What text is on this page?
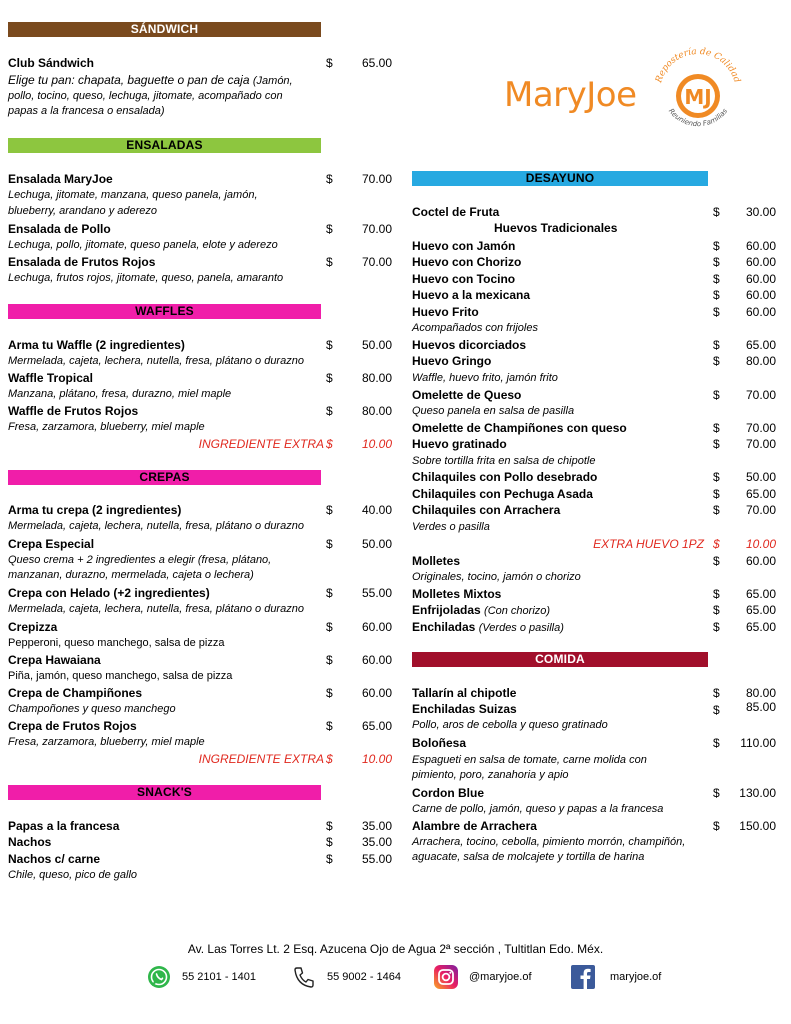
SÁNDWICH
Club Sándwich	$ 65.00
Elige tu pan: chapata, baguette o pan de caja (Jamón,
pollo, tocino, queso, lechuga, jitomate, acompañado con
papas a la francesa o ensalada)
ENSALADAS
Ensalada MaryJoe	$ 70.00
Lechuga, jitomate, manzana, queso panela, jamón,
blueberry, arandano y aderezo
Ensalada de Pollo	$ 70.00
Lechuga, pollo, jitomate, queso panela, elote y aderezo
Ensalada de Frutos Rojos	$ 70.00
Lechuga, frutos rojos, jitomate, queso, panela, amaranto
WAFFLES
Arma tu Waffle (2 ingredientes)	$ 50.00
Mermelada, cajeta, lechera, nutella, fresa, plátano o durazno
Waffle Tropical	$ 80.00
Manzana, plátano, fresa, durazno, miel maple
Waffle de Frutos Rojos	$ 80.00
Fresa, zarzamora, blueberry, miel maple
INGREDIENTE EXTRA $ 10.00
CREPAS
Arma tu crepa (2 ingredientes)	$ 40.00
Mermelada, cajeta, lechera, nutella, fresa, plátano o durazno
Crepa Especial	$ 50.00
Queso crema + 2 ingredientes a elegir (fresa, plátano,
manzanan, durazno, mermelada, cajeta o lechera)
Crepa con Helado (+2 ingredientes)	$ 55.00
Mermelada, cajeta, lechera, nutella, fresa, plátano o durazno
Crepizza	$ 60.00
Pepperoni, queso manchego, salsa de pizza
Crepa Hawaiana	$ 60.00
Piña, jamón, queso manchego, salsa de pizza
Crepa de Champiñones	$ 60.00
Champoñones y queso manchego
Crepa de Frutos Rojos	$ 65.00
Fresa, zarzamora, blueberry, miel maple
INGREDIENTE EXTRA $ 10.00
SNACK'S
Papas a la francesa	$ 35.00
Nachos	$ 35.00
Nachos c/ carne	$ 55.00
Chile, queso, pico de gallo
MaryJoe Repostería de Calidad
MJ
Reuniendo Familias
DESAYUNO
Coctel de Fruta	$ 30.00
Huevos Tradicionales
Huevo con Jamón	$ 60.00
Huevo con Chorizo	$ 60.00
Huevo con Tocino	$ 60.00
Huevo a la mexicana	$ 60.00
Huevo Frito	$ 60.00
Acompañados con frijoles
Huevos dicorciados	$ 65.00
Huevo Gringo	$ 80.00
Waffle, huevo frito, jamón frito
Omelette de Queso	$ 70.00
Queso panela en salsa de pasilla
Omelette de Champiñones con queso	$ 70.00
Huevo gratinado	$ 70.00
Sobre tortilla frita en salsa de chipotle
Chilaquiles con Pollo desebrado	$ 50.00
Chilaquiles con Pechuga Asada	$ 65.00
Chilaquiles con Arrachera	$ 70.00
Verdes o pasilla
EXTRA HUEVO 1PZ $ 10.00
Molletes	$ 60.00
Originales, tocino, jamón o chorizo
Molletes Mixtos	$ 65.00
Enfrijoladas (Con chorizo)	$ 65.00
Enchiladas (Verdes o pasilla)	$ 65.00
COMIDA
Tallarín al chipotle	$ 80.00
Enchiladas Suizas	$ 85.00
Pollo, aros de cebolla y queso gratinado
Boloñesa	$ 110.00
Espagueti en salsa de tomate, carne molida con
pimiento, poro, zanahoria y apio
Cordon Blue	$ 130.00
Carne de pollo, jamón, queso y papas a la francesa
Alambre de Arrachera	$ 150.00
Arrachera, tocino, cebolla, pimiento morrón, champiñón,
aguacate, salsa de molcajete y tortilla de harina
Av. Las Torres Lt. 2 Esq. Azucena Ojo de Agua 2ª sección , Tultitlan Edo. Méx.
55 2101 - 1401	55 9002 - 1464	@maryjoe.of	maryjoe.of
